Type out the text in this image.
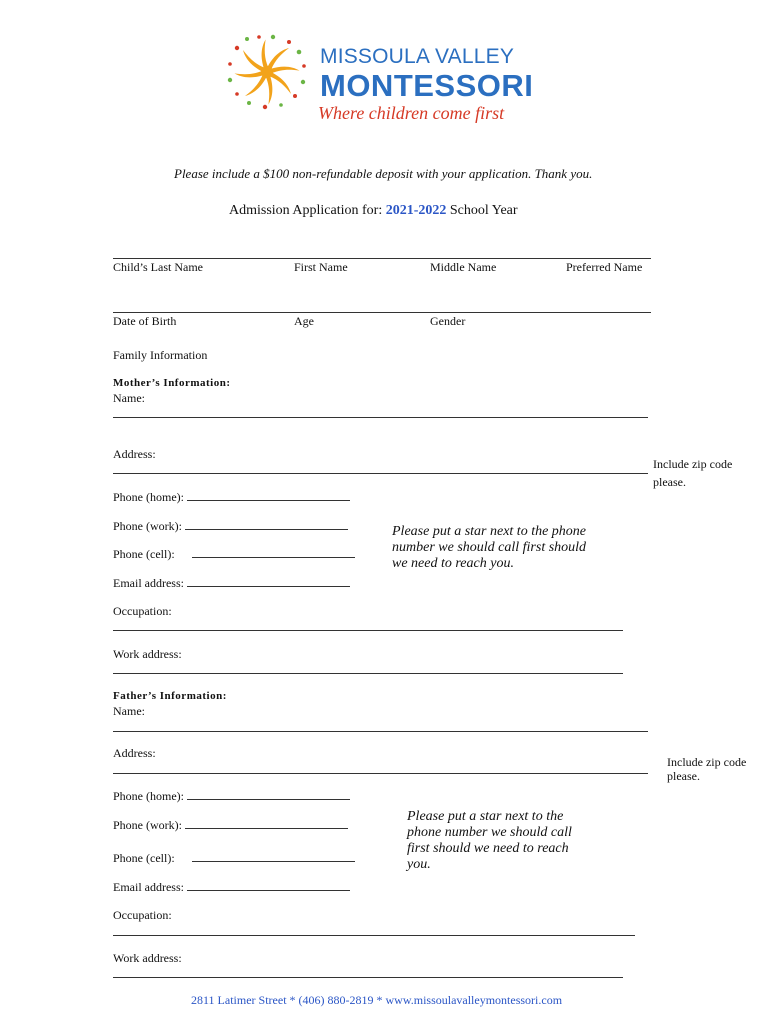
MISSOULA VALLEY
MONTESSORI
Where children come first
Please include a $100 non-refundable deposit with your application. Thank you.
Admission Application for: 2021-2022 School Year
Child’s Last Name	First Name	Middle Name	Preferred Name
Date of Birth	Age	Gender
Family Information
Mother’s Information:
Name:
Address:
Include zip code please.
Phone (home):
Phone (work):
Phone (cell):
Email address:
Please put a star next to the phone number we should call first should we need to reach you.
Occupation:
Work address:
Father’s Information:
Name:
Address:
Include zip code please.
Phone (home):
Phone (work):
Phone (cell):
Email address:
Please put a star next to the phone number we should call first should we need to reach you.
Occupation:
Work address:
2811 Latimer Street * (406) 880-2819 * www.missoulavalleymontessori.com
